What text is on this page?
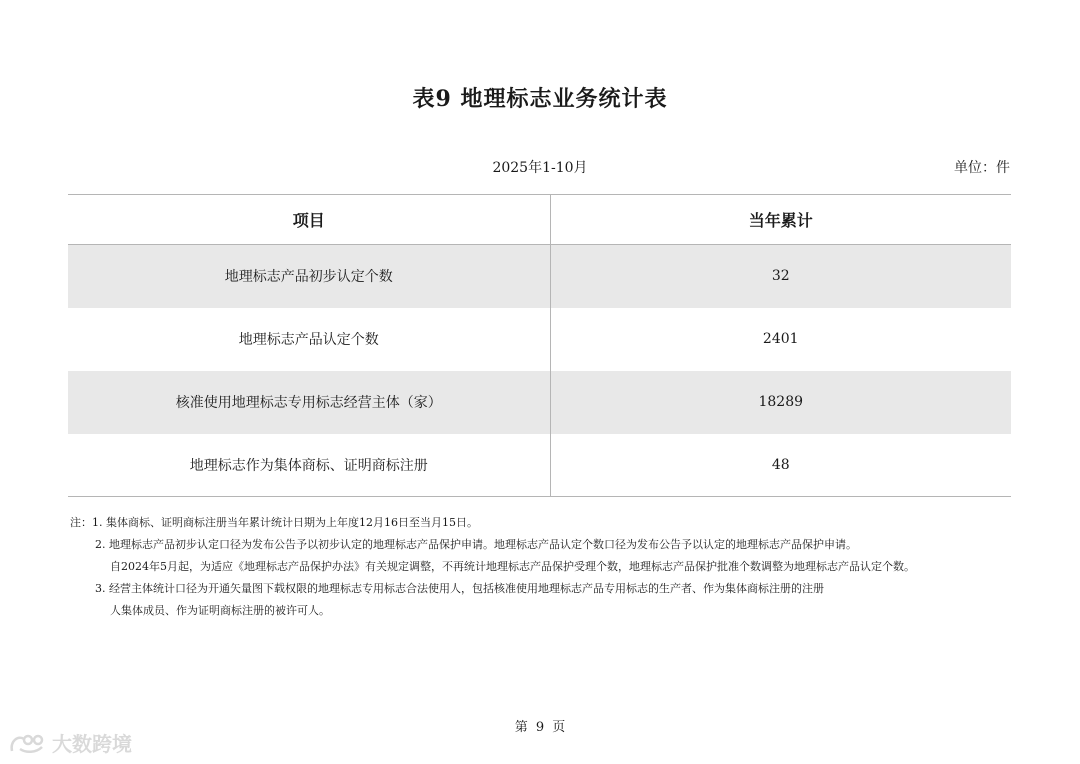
表9 地理标志业务统计表
2025年1-10月	单位：件
项目	当年累计
地理标志产品初步认定个数	32
地理标志产品认定个数	2401
核准使用地理标志专用标志经营主体（家）	18289
地理标志作为集体商标、证明商标注册	48
注：1. 集体商标、证明商标注册当年累计统计日期为上年度12月16日至当月15日。
2. 地理标志产品初步认定口径为发布公告予以初步认定的地理标志产品保护申请。地理标志产品认定个数口径为发布公告予以认定的地理标志产品保护申请。
自2024年5月起，为适应《地理标志产品保护办法》有关规定调整，不再统计地理标志产品保护受理个数，地理标志产品保护批准个数调整为地理标志产品认定个数。
3. 经营主体统计口径为开通矢量图下载权限的地理标志专用标志合法使用人，包括核准使用地理标志产品专用标志的生产者、作为集体商标注册的注册
人集体成员、作为证明商标注册的被许可人。
第 9 页
大数跨境
